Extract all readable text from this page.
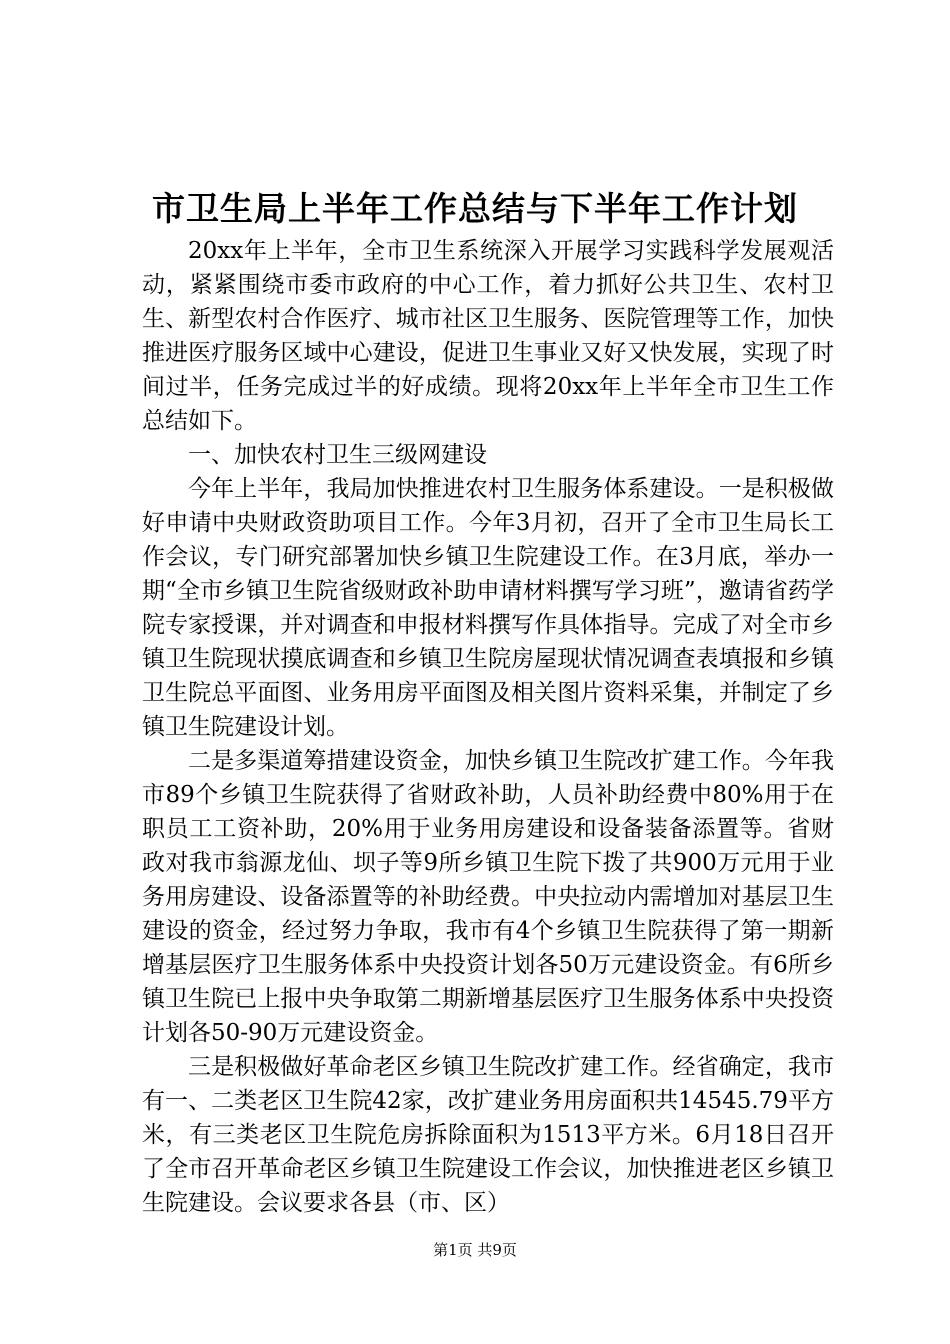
市卫生局上半年工作总结与下半年工作计划

20xx年上半年，全市卫生系统深入开展学习实践科学发展观活动，紧紧围绕市委市政府的中心工作，着力抓好公共卫生、农村卫生、新型农村合作医疗、城市社区卫生服务、医院管理等工作，加快推进医疗服务区域中心建设，促进卫生事业又好又快发展，实现了时间过半，任务完成过半的好成绩。现将20xx年上半年全市卫生工作总结如下。

一、加快农村卫生三级网建设

今年上半年，我局加快推进农村卫生服务体系建设。一是积极做好申请中央财政资助项目工作。今年3月初，召开了全市卫生局长工作会议，专门研究部署加快乡镇卫生院建设工作。在3月底，举办一期“全市乡镇卫生院省级财政补助申请材料撰写学习班”，邀请省药学院专家授课，并对调查和申报材料撰写作具体指导。完成了对全市乡镇卫生院现状摸底调查和乡镇卫生院房屋现状情况调查表填报和乡镇卫生院总平面图、业务用房平面图及相关图片资料采集，并制定了乡镇卫生院建设计划。

二是多渠道筹措建设资金，加快乡镇卫生院改扩建工作。今年我市89个乡镇卫生院获得了省财政补助，人员补助经费中80%用于在职员工工资补助，20%用于业务用房建设和设备装备添置等。省财政对我市翁源龙仙、坝子等9所乡镇卫生院下拨了共900万元用于业务用房建设、设备添置等的补助经费。中央拉动内需增加对基层卫生建设的资金，经过努力争取，我市有4个乡镇卫生院获得了第一期新增基层医疗卫生服务体系中央投资计划各50万元建设资金。有6所乡镇卫生院已上报中央争取第二期新增基层医疗卫生服务体系中央投资计划各50-90万元建设资金。

三是积极做好革命老区乡镇卫生院改扩建工作。经省确定，我市有一、二类老区卫生院42家，改扩建业务用房面积共14545.79平方米，有三类老区卫生院危房拆除面积为1513平方米。6月18日召开了全市召开革命老区乡镇卫生院建设工作会议，加快推进老区乡镇卫生院建设。会议要求各县（市、区）

第1页 共9页
